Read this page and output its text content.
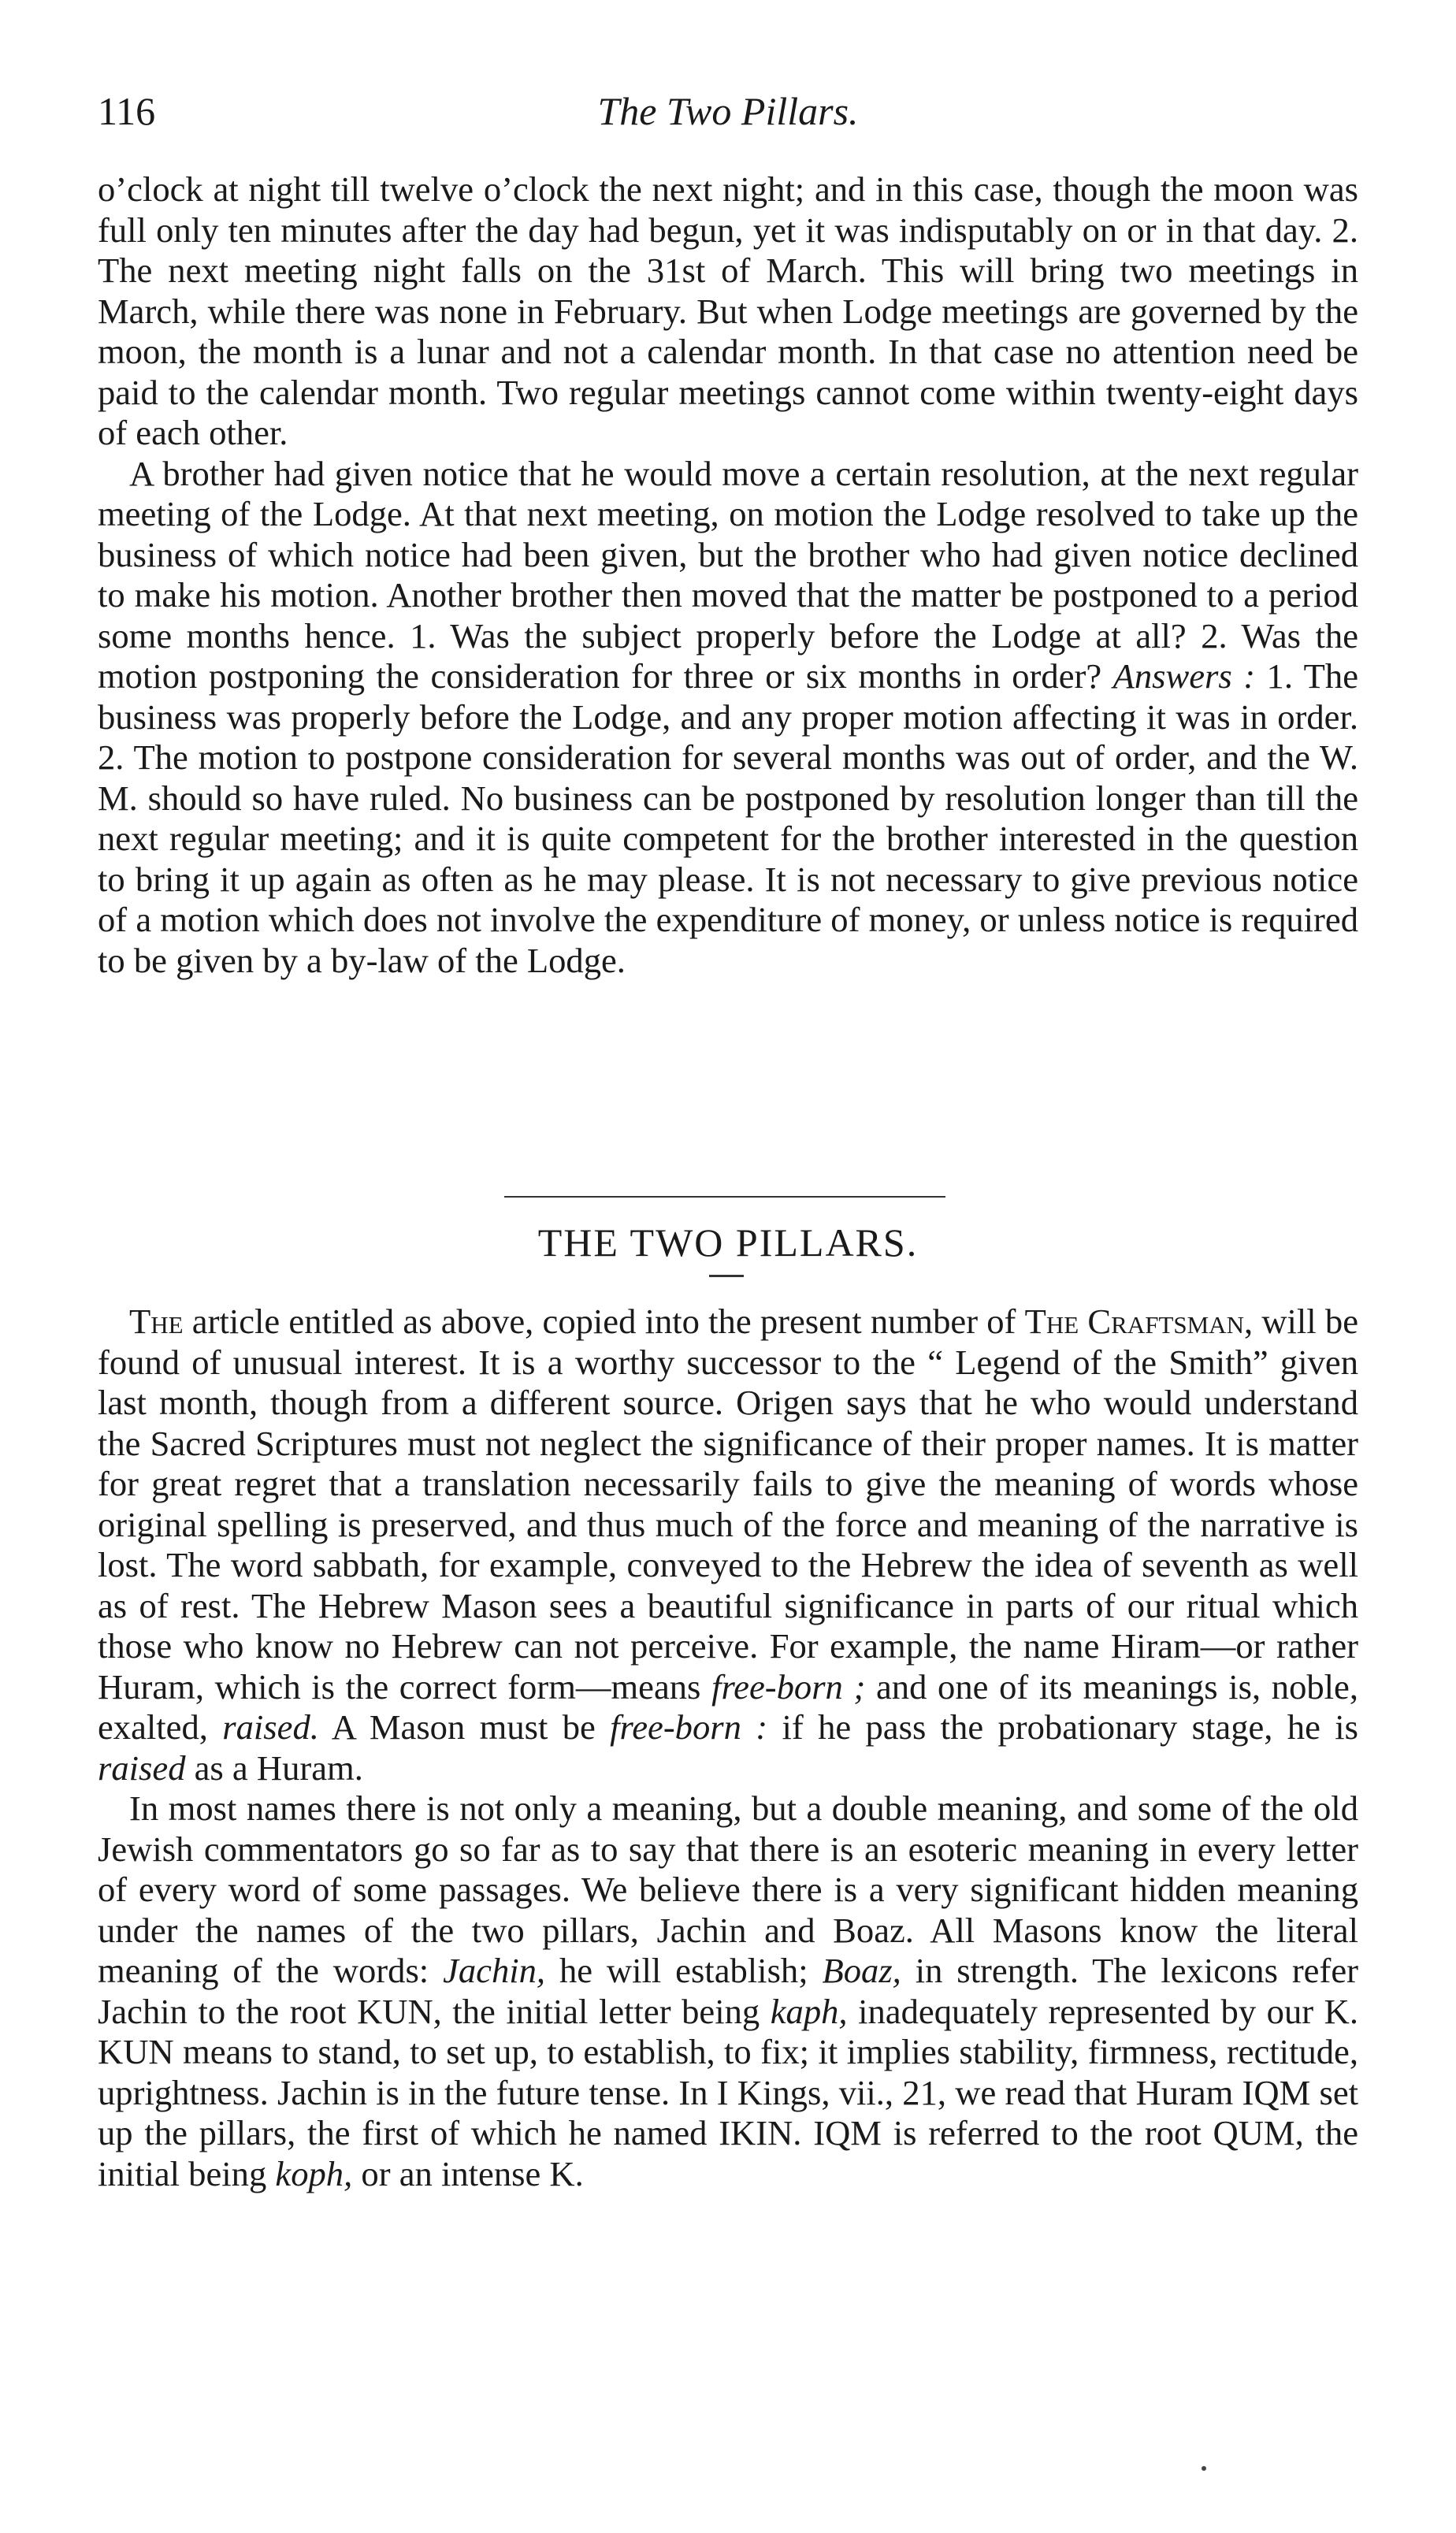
116	The Two Pillars.

o’clock at night till twelve o’clock the next night; and in this case, though the moon was full only ten minutes after the day had begun, yet it was indisputably on or in that day. 2. The next meeting night falls on the 31st of March. This will bring two meetings in March, while there was none in February. But when Lodge meetings are governed by the moon, the month is a lunar and not a calendar month. In that case no attention need be paid to the calendar month. Two regular meetings cannot come within twenty-eight days of each other.

A brother had given notice that he would move a certain resolution, at the next regular meeting of the Lodge. At that next meeting, on motion the Lodge resolved to take up the business of which notice had been given, but the brother who had given notice declined to make his motion. Another brother then moved that the matter be postponed to a period some months hence. 1. Was the subject properly before the Lodge at all? 2. Was the motion postponing the consideration for three or six months in order? Answers : 1. The business was properly before the Lodge, and any proper motion affecting it was in order. 2. The motion to postpone consideration for several months was out of order, and the W. M. should so have ruled. No business can be postponed by resolution longer than till the next regular meeting; and it is quite competent for the brother interested in the question to bring it up again as often as he may please. It is not necessary to give previous notice of a motion which does not involve the expenditure of money, or unless notice is required to be given by a by-law of the Lodge.

THE TWO PILLARS.

The article entitled as above, copied into the present number of The Craftsman, will be found of unusual interest. It is a worthy successor to the “ Legend of the Smith” given last month, though from a different source. Origen says that he who would understand the Sacred Scriptures must not neglect the significance of their proper names. It is matter for great regret that a translation necessarily fails to give the meaning of words whose original spelling is preserved, and thus much of the force and meaning of the narrative is lost. The word sabbath, for example, conveyed to the Hebrew the idea of seventh as well as of rest. The Hebrew Mason sees a beautiful significance in parts of our ritual which those who know no Hebrew can not perceive. For example, the name Hiram—or rather Huram, which is the correct form—means free-born ; and one of its meanings is, noble, exalted, raised. A Mason must be free-born : if he pass the probationary stage, he is raised as a Huram.

In most names there is not only a meaning, but a double meaning, and some of the old Jewish commentators go so far as to say that there is an esoteric meaning in every letter of every word of some passages. We believe there is a very significant hidden meaning under the names of the two pillars, Jachin and Boaz. All Masons know the literal meaning of the words: Jachin, he will establish; Boaz, in strength. The lexicons refer Jachin to the root KUN, the initial letter being kaph, inadequately represented by our K. KUN means to stand, to set up, to establish, to fix; it implies stability, firmness, rectitude, uprightness. Jachin is in the future tense. In I Kings, vii., 21, we read that Huram IQM set up the pillars, the first of which he named IKIN. IQM is referred to the root QUM, the initial being koph, or an intense K.
